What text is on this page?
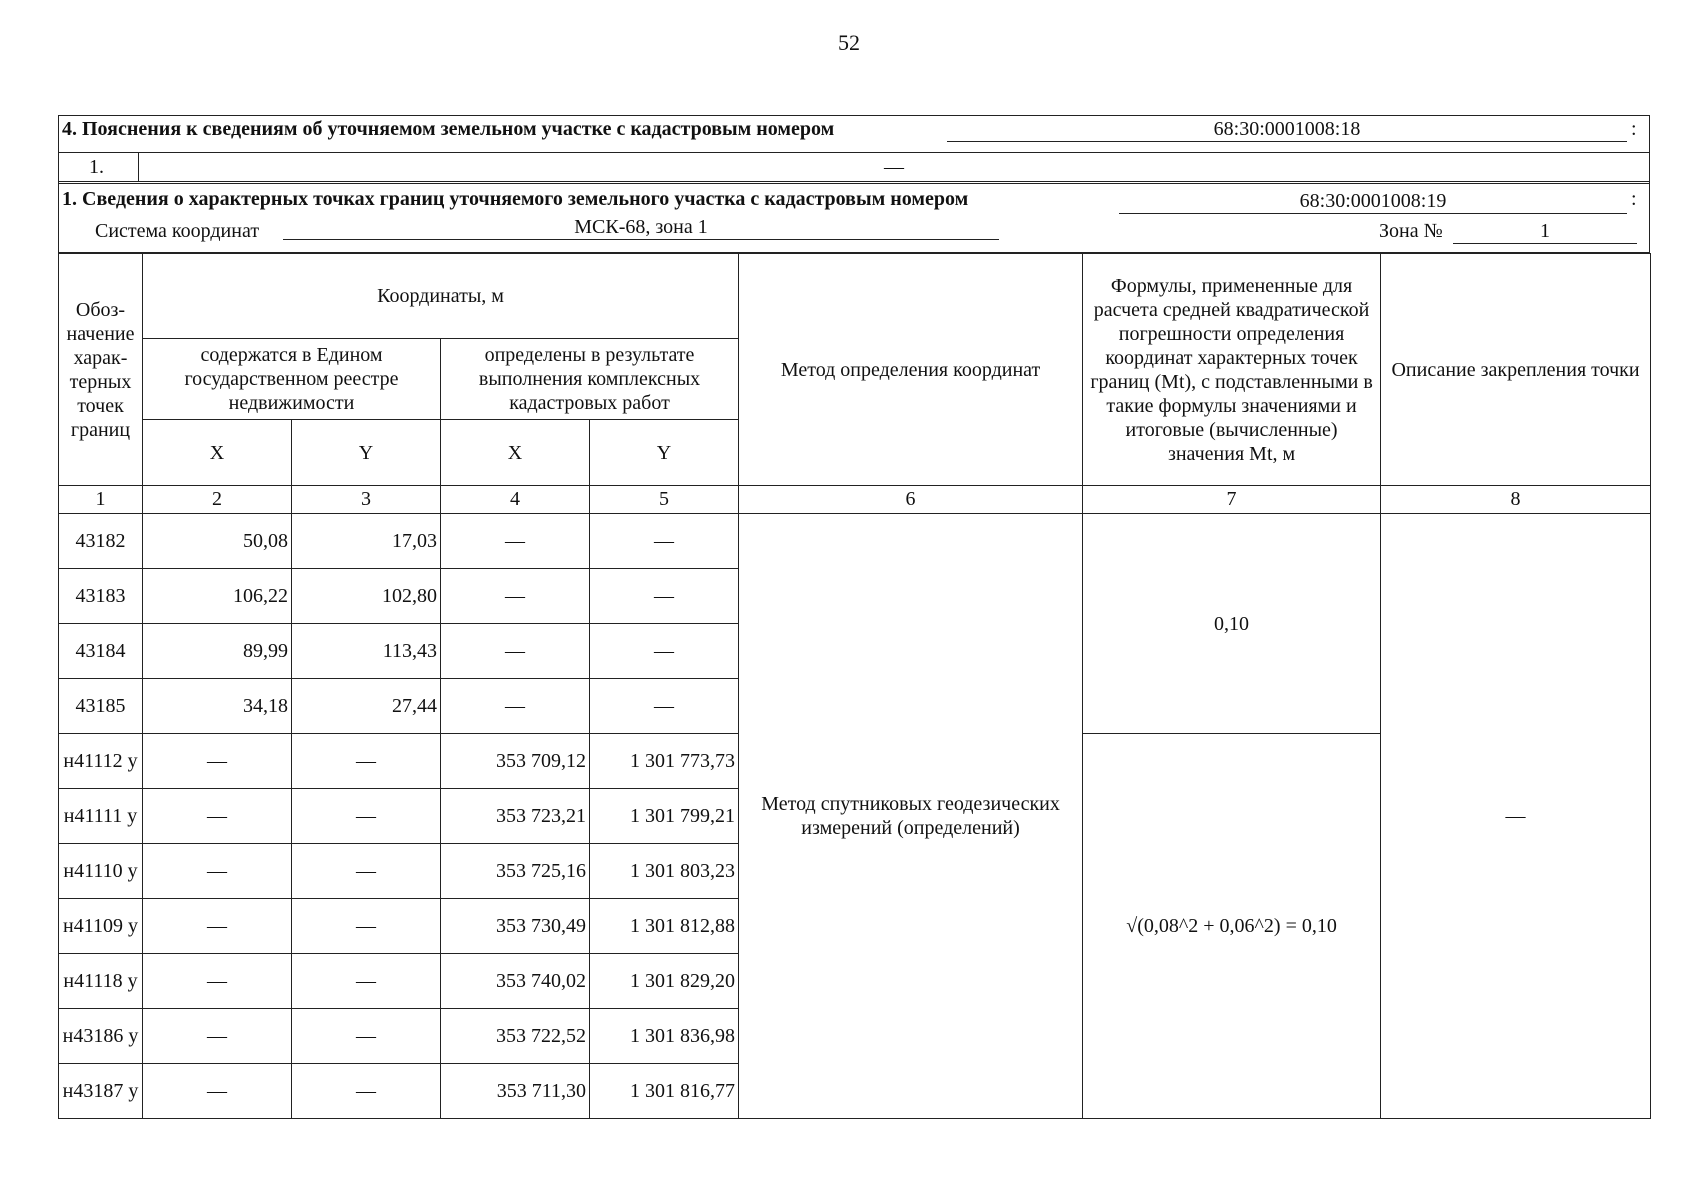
52
4. Пояснения к сведениям об уточняемом земельном участке с кадастровым номером	68:30:0001008:18	:
1.	—
1. Сведения о характерных точках границ уточняемого земельного участка с кадастровым номером	68:30:0001008:19	:
Система координат	МСК-68, зона 1	Зона №	1
Обоз-начение харак-терных точек границ	Координаты, м				Метод определения координат	Формулы, примененные для расчета средней квадратической погрешности определения координат характерных точек границ (Mt), с подставленными в такие формулы значениями и итоговые (вычисленные) значения Mt, м	Описание закрепления точки
	содержатся в Едином государственном реестре недвижимости		определены в результате выполнения комплексных кадастровых работ				
	X	Y	X	Y			
1	2	3	4	5	6	7	8
43182	50,08	17,03	—	—	Метод спутниковых геодезических измерений (определений)	0,10	—
43183	106,22	102,80	—	—			
43184	89,99	113,43	—	—			
43185	34,18	27,44	—	—			
н41112 у	—	—	353 709,12	1 301 773,73		√(0,08^2 + 0,06^2) = 0,10	
н41111 у	—	—	353 723,21	1 301 799,21			
н41110 у	—	—	353 725,16	1 301 803,23			
н41109 у	—	—	353 730,49	1 301 812,88			
н41118 у	—	—	353 740,02	1 301 829,20			
н43186 у	—	—	353 722,52	1 301 836,98			
н43187 у	—	—	353 711,30	1 301 816,77			
